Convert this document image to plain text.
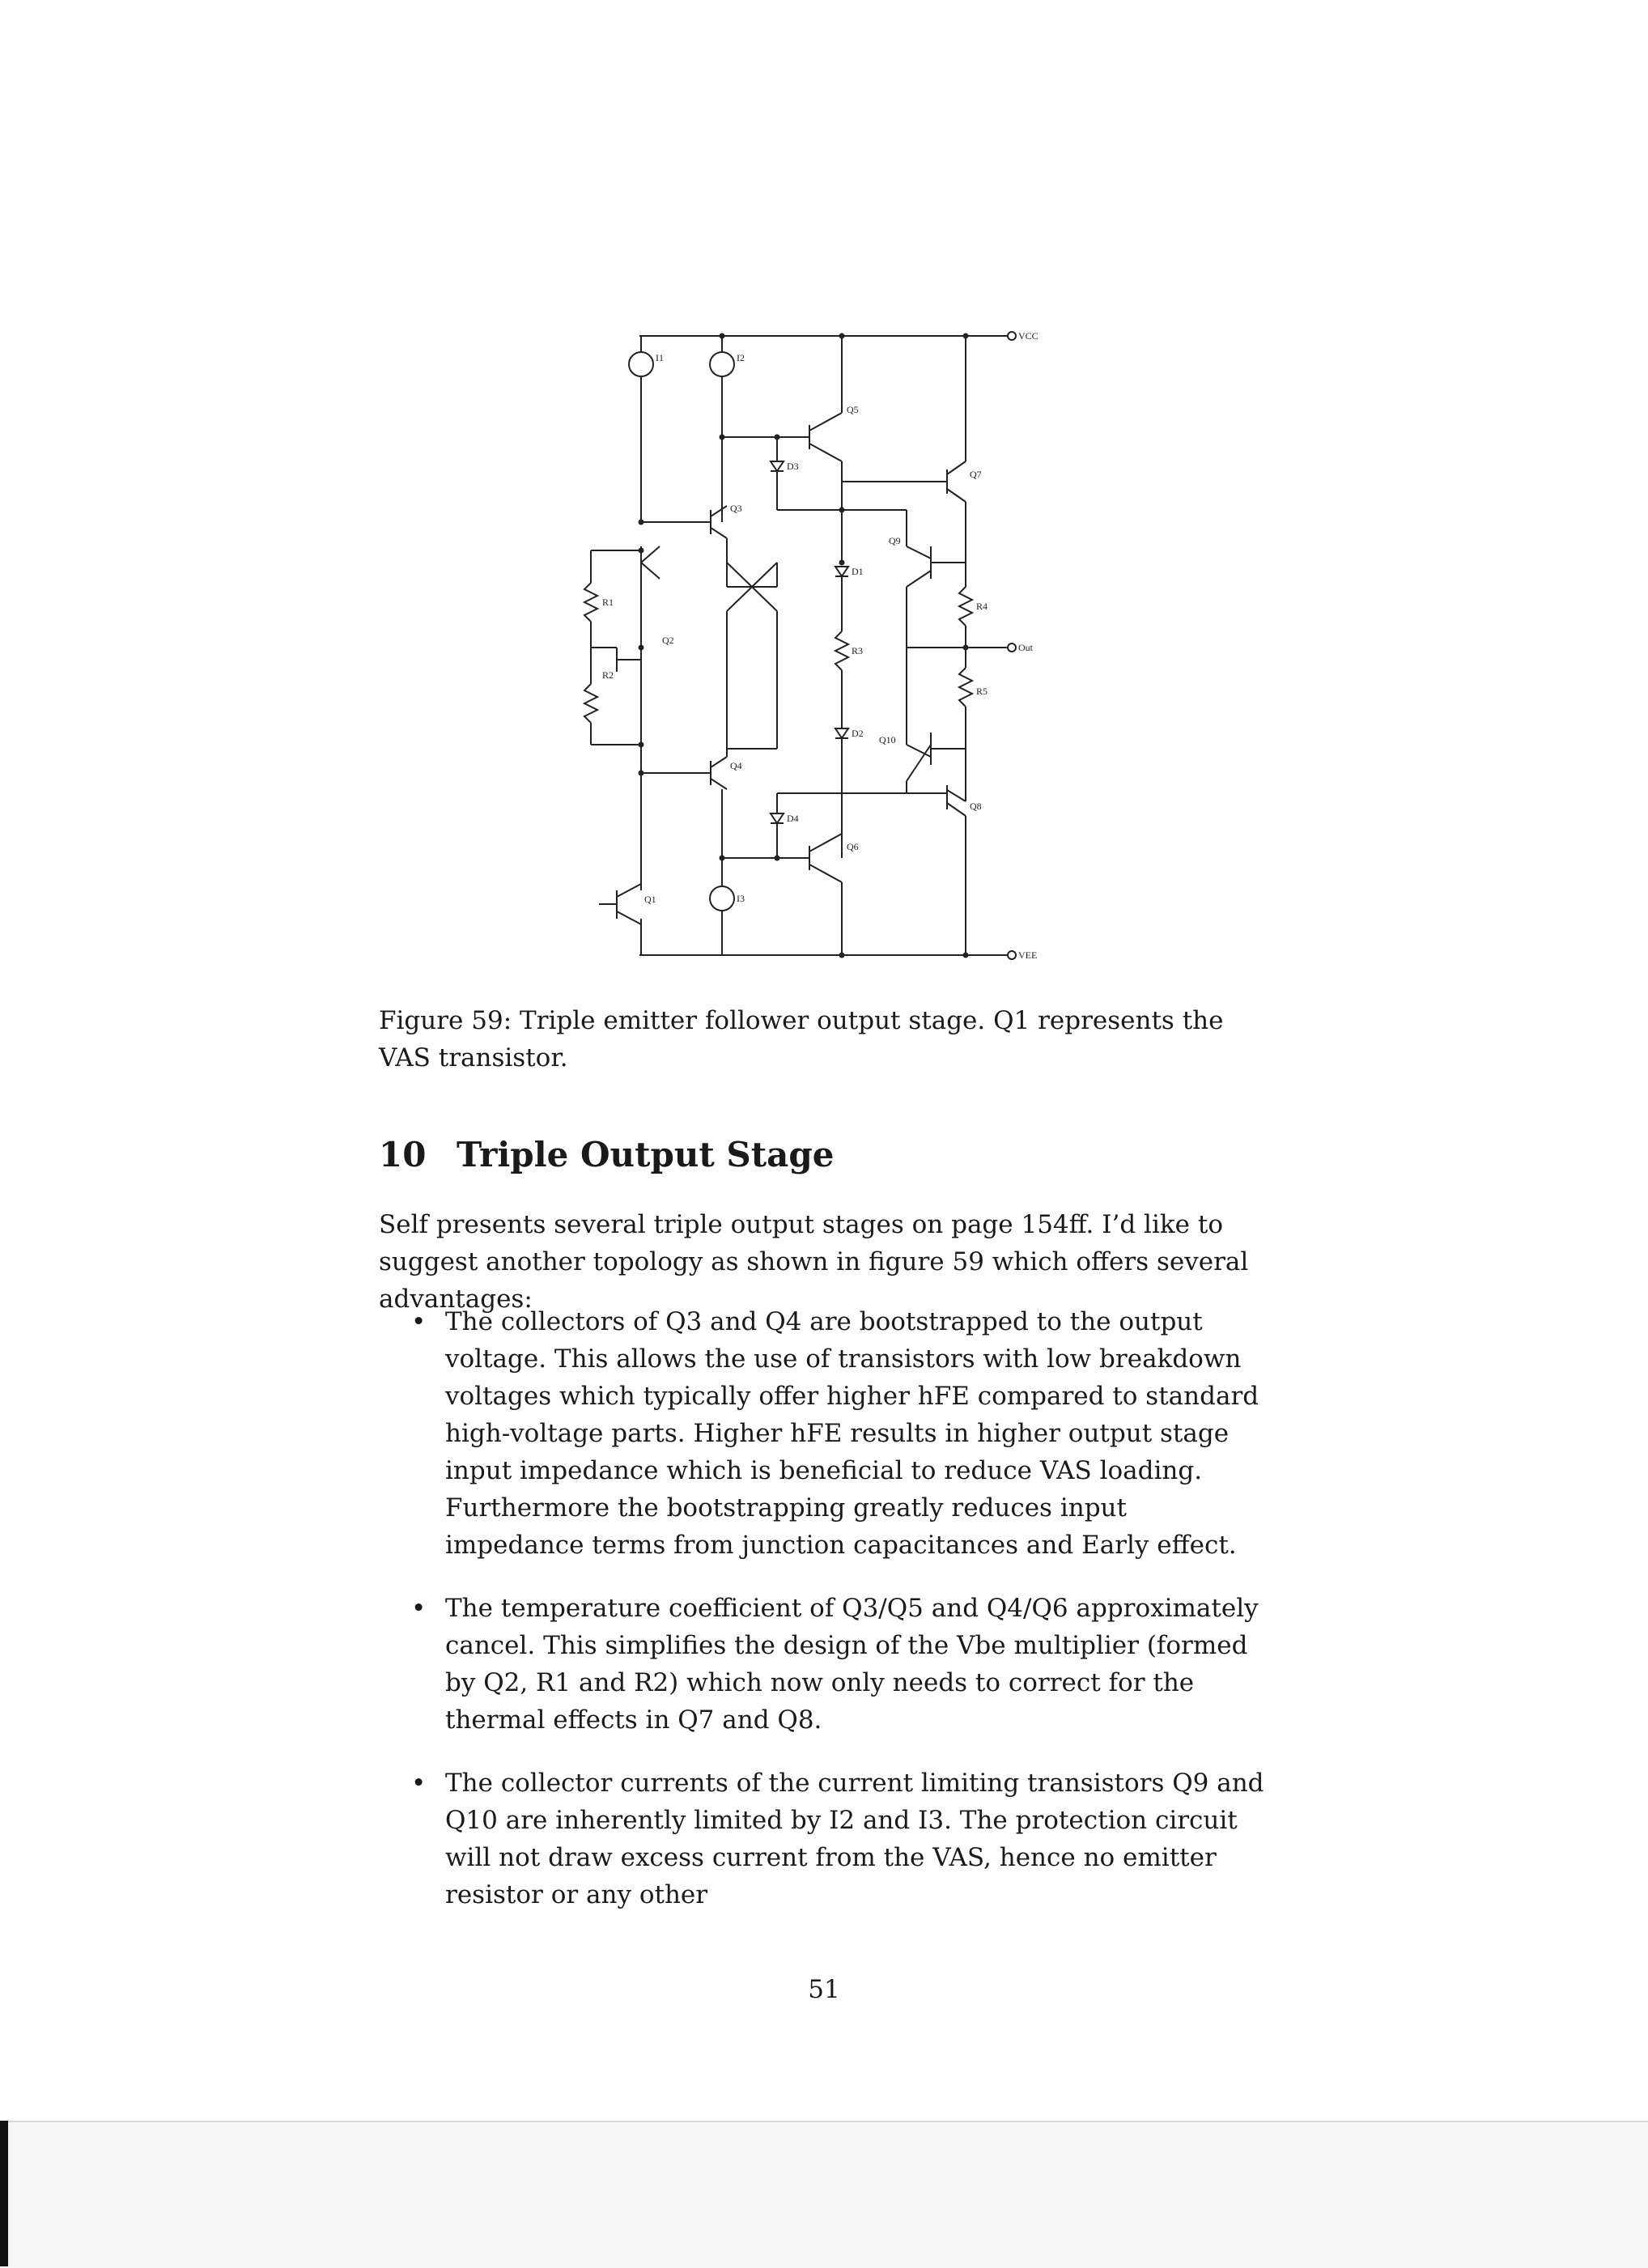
VCC
VEE
Out
I1	I2
I3
Q1
Q2
Q3
Q4
Q5
Q6
Q7
Q8
Q9
Q10
D1
D2
D3
D4
R1
R2
R3
R4
R5

Figure 59: Triple emitter follower output stage. Q1 represents the VAS transistor.

10 Triple Output Stage

Self presents several triple output stages on page 154ff. I’d like to suggest another topology as shown in figure 59 which offers several advantages:

• The collectors of Q3 and Q4 are bootstrapped to the output voltage. This allows the use of transistors with low breakdown voltages which typically offer higher hFE compared to standard high-voltage parts. Higher hFE results in higher output stage input impedance which is beneficial to reduce VAS loading. Furthermore the bootstrapping greatly reduces input impedance terms from junction capacitances and Early effect.
• The temperature coefficient of Q3/Q5 and Q4/Q6 approximately cancel. This simplifies the design of the Vbe multiplier (formed by Q2, R1 and R2) which now only needs to correct for the thermal effects in Q7 and Q8.
• The collector currents of the current limiting transistors Q9 and Q10 are inherently limited by I2 and I3. The protection circuit will not draw excess current from the VAS, hence no emitter resistor or any other
51
